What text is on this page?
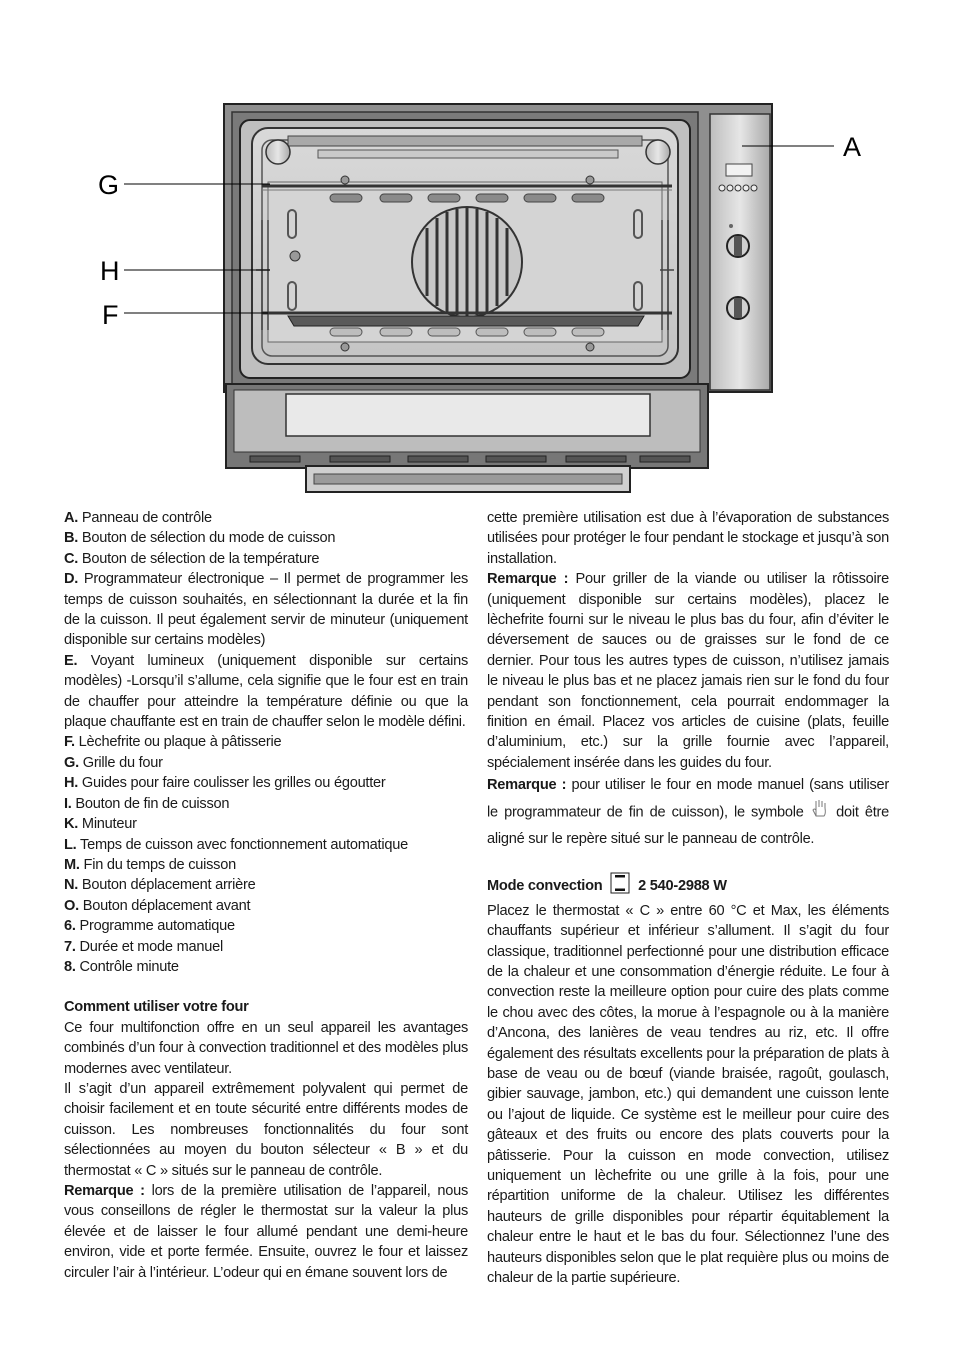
A
G
H
F

A. Panneau de contrôle

B. Bouton de sélection du mode de cuisson

C. Bouton de sélection de la température

D. Programmateur électronique – Il permet de programmer les temps de cuisson souhaités, en sélectionnant la durée et la fin de la cuisson. Il peut également servir de minuteur (uniquement disponible sur certains modèles)

E. Voyant lumineux (uniquement disponible sur certains modèles) -Lorsqu’il s’allume, cela signifie que le four est en train de chauffer pour atteindre la température définie ou que la plaque chauffante est en train de chauffer selon le modèle défini.

F. Lèchefrite ou plaque à pâtisserie

G. Grille du four

H. Guides pour faire coulisser les grilles ou égoutter

I. Bouton de fin de cuisson

K. Minuteur

L. Temps de cuisson avec fonctionnement automatique

M. Fin du temps de cuisson

N. Bouton déplacement arrière

O. Bouton déplacement avant

6. Programme automatique

7. Durée et mode manuel

8. Contrôle minute

Comment utiliser votre four

Ce four multifonction offre en un seul appareil les avantages combinés d’un four à convection traditionnel et des modèles plus modernes avec ventilateur.

Il s’agit d’un appareil extrêmement polyvalent qui permet de choisir facilement et en toute sécurité entre différents modes de cuisson. Les nombreuses fonctionnalités du four sont sélectionnées au moyen du bouton sélecteur « B » et du thermostat « C » situés sur le panneau de contrôle.

Remarque : lors de la première utilisation de l’appareil, nous vous conseillons de régler le thermostat sur la valeur la plus élevée et de laisser le four allumé pendant une demi-heure environ, vide et porte fermée. Ensuite, ouvrez le four et laissez circuler l’air à l’intérieur. L’odeur qui en émane souvent lors de

cette première utilisation est due à l’évaporation de substances utilisées pour protéger le four pendant le stockage et jusqu’à son installation.

Remarque : Pour griller de la viande ou utiliser la rôtissoire (uniquement disponible sur certains modèles), placez le lèchefrite fourni sur le niveau le plus bas du four, afin d’éviter le déversement de sauces ou de graisses sur le fond de ce dernier. Pour tous les autres types de cuisson, n’utilisez jamais le niveau le plus bas et ne placez jamais rien sur le fond du four pendant son fonctionnement, cela pourrait endommager la finition en émail. Placez vos articles de cuisine (plats, feuille d’aluminium, etc.) sur la grille fournie avec l’appareil, spécialement insérée dans les guides du four.

Remarque : pour utiliser le four en mode manuel (sans utiliser le programmateur de fin de cuisson), le symbole doit être aligné sur le repère situé sur le panneau de contrôle.

Mode convection 2 540-2988 W

Placez le thermostat « C » entre 60 °C et Max, les éléments chauffants supérieur et inférieur s’allument. Il s’agit du four classique, traditionnel perfectionné pour une distribution efficace de la chaleur et une consommation d’énergie réduite. Le four à convection reste la meilleure option pour cuire des plats comme le chou avec des côtes, la morue à l’espagnole ou à la manière d’Ancona, des lanières de veau tendres au riz, etc. Il offre également des résultats excellents pour la préparation de plats à base de veau ou de bœuf (viande braisée, ragoût, goulasch, gibier sauvage, jambon, etc.) qui demandent une cuisson lente ou l’ajout de liquide. Ce système est le meilleur pour cuire des gâteaux et des fruits ou encore des plats couverts pour la pâtisserie. Pour la cuisson en mode convection, utilisez uniquement un lèchefrite ou une grille à la fois, pour une répartition uniforme de la chaleur. Utilisez les différentes hauteurs de grille disponibles pour répartir équitablement la chaleur entre le haut et le bas du four. Sélectionnez l’une des hauteurs disponibles selon que le plat requière plus ou moins de chaleur de la partie supérieure.
